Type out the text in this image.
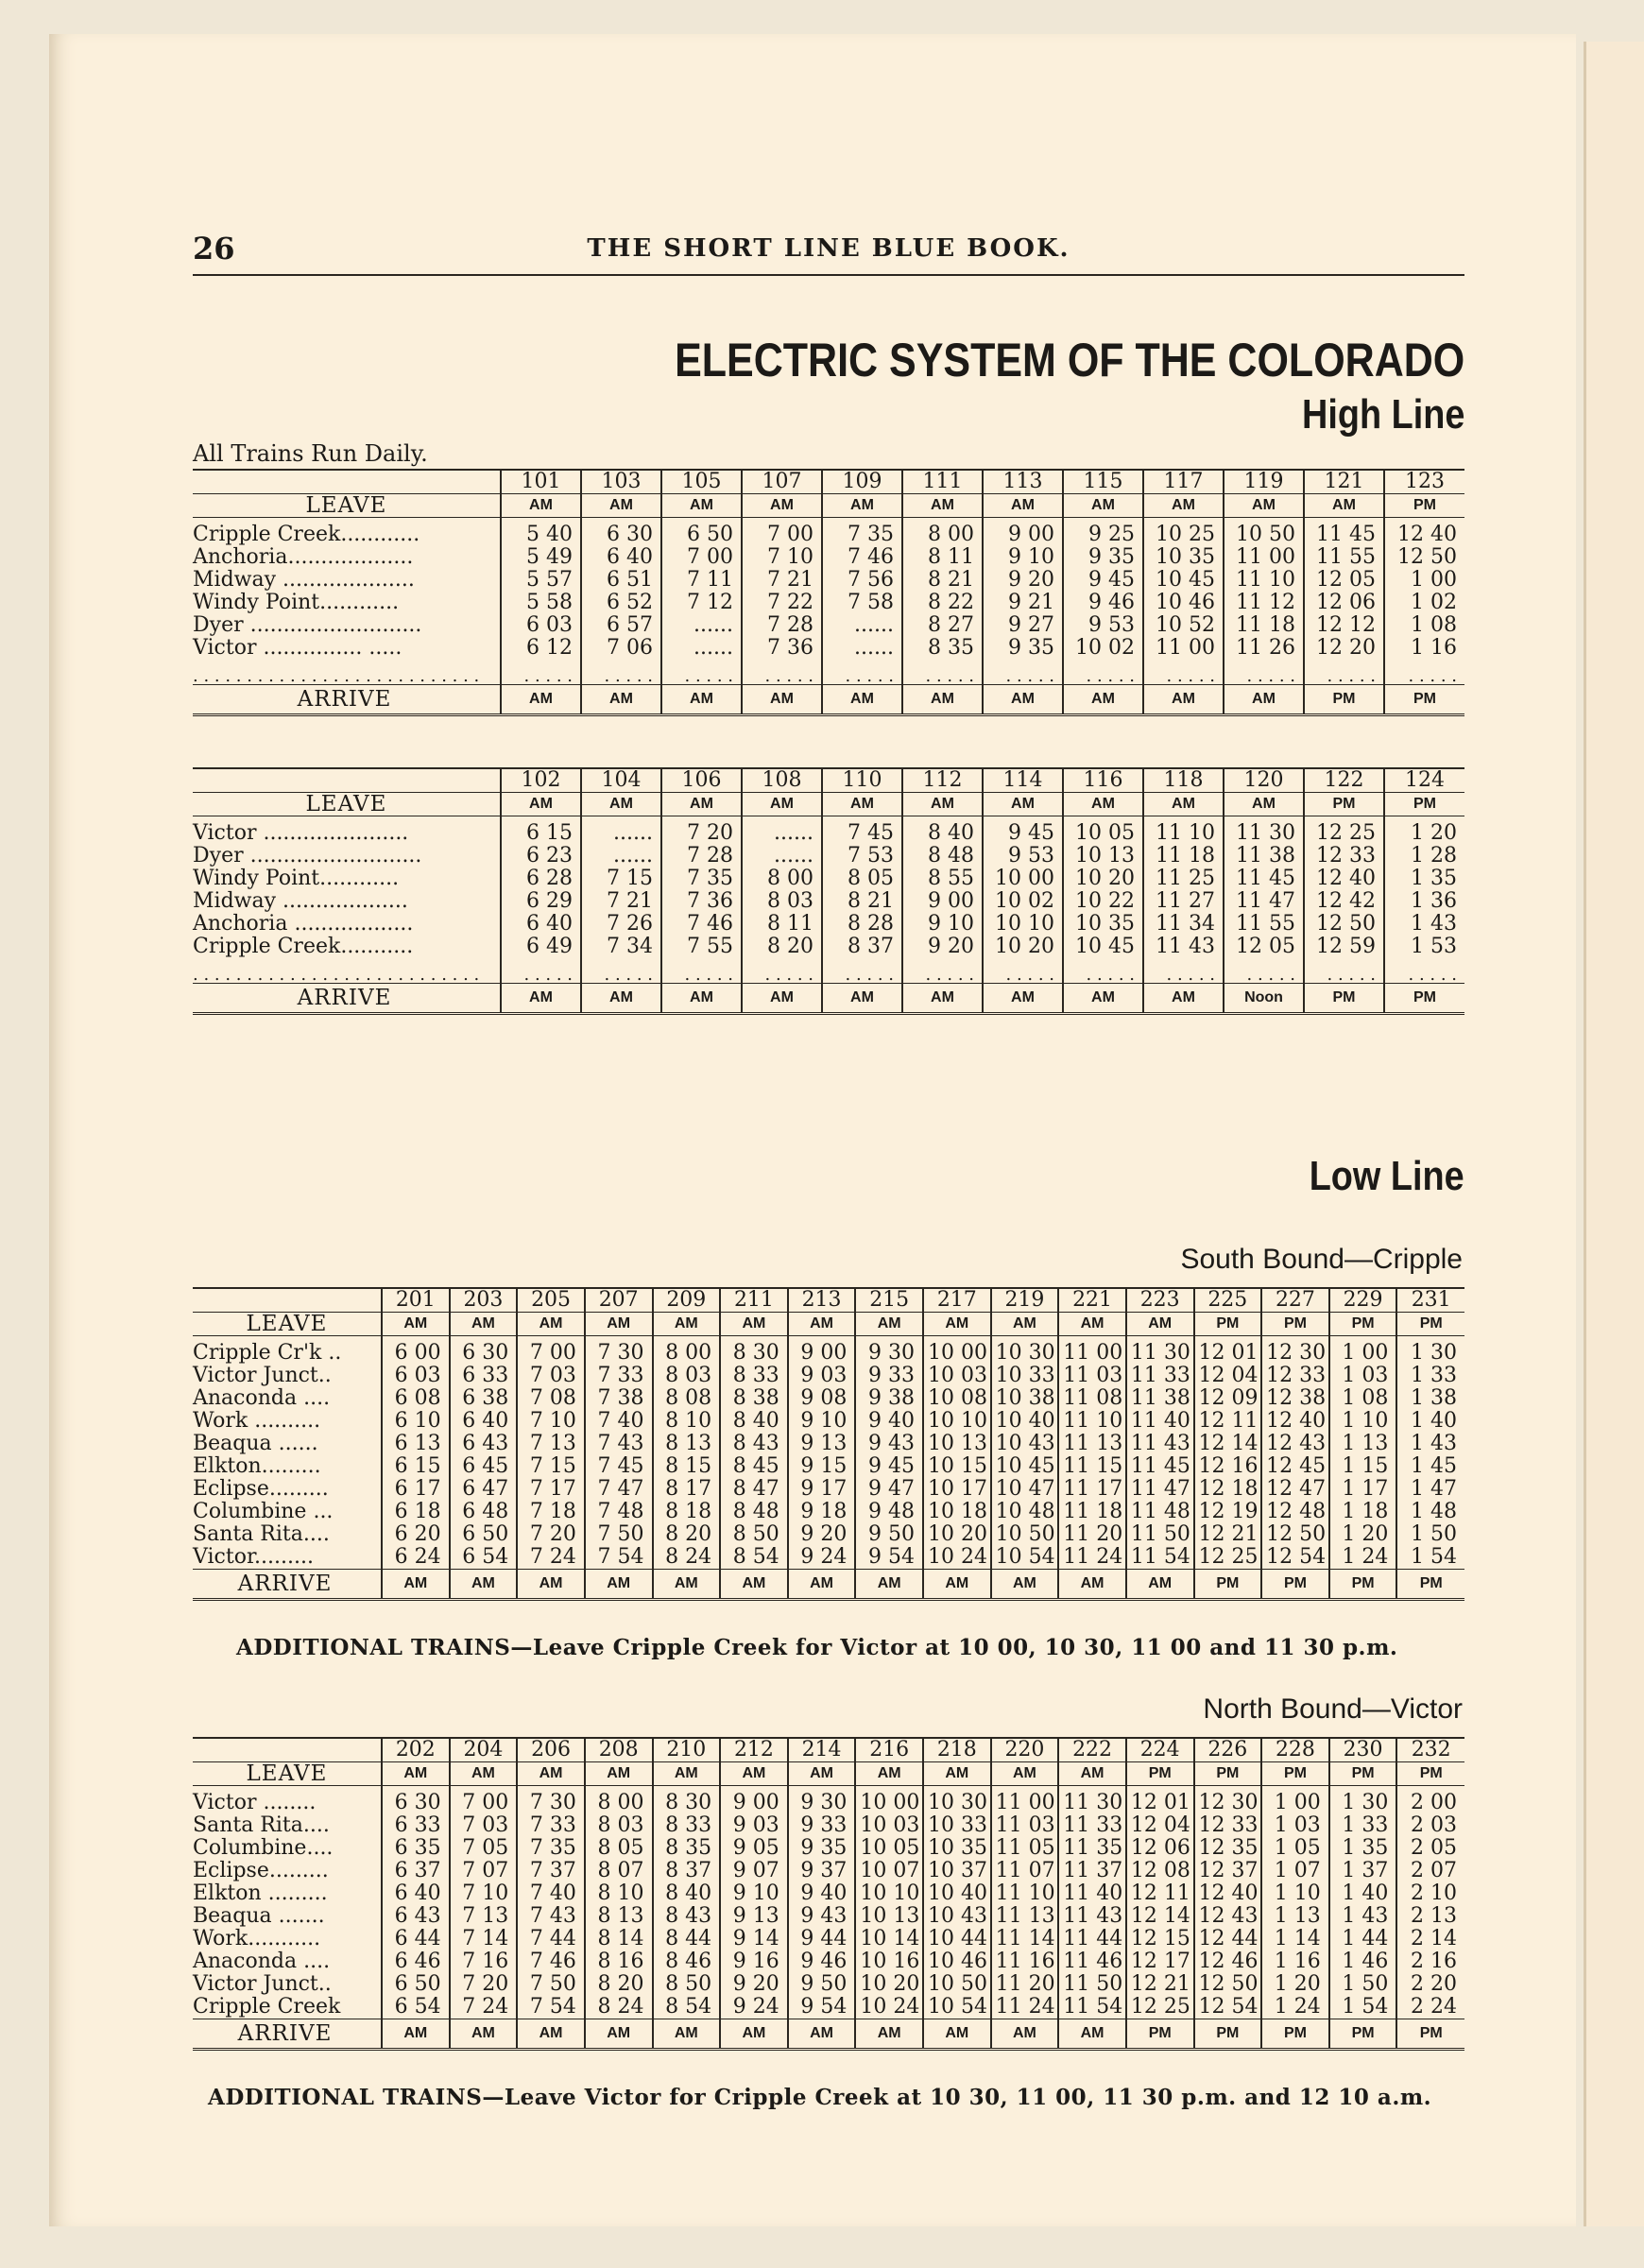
26	THE SHORT LINE BLUE BOOK.
ELECTRIC SYSTEM OF THE COLORADO
High Line
All Trains Run Daily.
	101	103	105	107	109	111	113	115	117	119	121	123
LEAVE	AM	AM	AM	AM	AM	AM	AM	AM	AM	AM	AM	PM
Cripple Creek............	5 40	6 30	6 50	7 00	7 35	8 00	9 00	9 25	10 25	10 50	11 45	12 40
Anchoria...................	5 49	6 40	7 00	7 10	7 46	8 11	9 10	9 35	10 35	11 00	11 55	12 50
Midway ....................	5 57	6 51	7 11	7 21	7 56	8 21	9 20	9 45	10 45	11 10	12 05	1 00
Windy Point............	5 58	6 52	7 12	7 22	7 58	8 22	9 21	9 46	10 46	11 12	12 06	1 02
Dyer ..........................	6 03	6 57	......	7 28	......	8 27	9 27	9 53	10 52	11 18	12 12	1 08
Victor ............... .....	6 12	7 06	......	7 36	......	8 35	9 35	10 02	11 00	11 26	12 20	1 16
. . . . . . . . . . . . . . . . . . . . . . . . . . .	. . . . .	. . . . .	. . . . .	. . . . .	. . . . .	. . . . .	. . . . .	. . . . .	. . . . .	. . . . .	. . . . .	. . . . .
ARRIVE	AM	AM	AM	AM	AM	AM	AM	AM	AM	AM	PM	PM
	102	104	106	108	110	112	114	116	118	120	122	124
LEAVE	AM	AM	AM	AM	AM	AM	AM	AM	AM	AM	PM	PM
Victor ......................	6 15	......	7 20	......	7 45	8 40	9 45	10 05	11 10	11 30	12 25	1 20
Dyer ..........................	6 23	......	7 28	......	7 53	8 48	9 53	10 13	11 18	11 38	12 33	1 28
Windy Point............	6 28	7 15	7 35	8 00	8 05	8 55	10 00	10 20	11 25	11 45	12 40	1 35
Midway ...................	6 29	7 21	7 36	8 03	8 21	9 00	10 02	10 22	11 27	11 47	12 42	1 36
Anchoria ..................	6 40	7 26	7 46	8 11	8 28	9 10	10 10	10 35	11 34	11 55	12 50	1 43
Cripple Creek...........	6 49	7 34	7 55	8 20	8 37	9 20	10 20	10 45	11 43	12 05	12 59	1 53
. . . . . . . . . . . . . . . . . . . . . . . . . . .	. . . . .	. . . . .	. . . . .	. . . . .	. . . . .	. . . . .	. . . . .	. . . . .	. . . . .	. . . . .	. . . . .	. . . . .
ARRIVE	AM	AM	AM	AM	AM	AM	AM	AM	AM	Noon	PM	PM
Low Line
South Bound—Cripple
	201	203	205	207	209	211	213	215	217	219	221	223	225	227	229	231
LEAVE	AM	AM	AM	AM	AM	AM	AM	AM	AM	AM	AM	AM	PM	PM	PM	PM
Cripple Cr'k ..	6 00	6 30	7 00	7 30	8 00	8 30	9 00	9 30	10 00	10 30	11 00	11 30	12 01	12 30	1 00	1 30
Victor Junct..	6 03	6 33	7 03	7 33	8 03	8 33	9 03	9 33	10 03	10 33	11 03	11 33	12 04	12 33	1 03	1 33
Anaconda ....	6 08	6 38	7 08	7 38	8 08	8 38	9 08	9 38	10 08	10 38	11 08	11 38	12 09	12 38	1 08	1 38
Work ..........	6 10	6 40	7 10	7 40	8 10	8 40	9 10	9 40	10 10	10 40	11 10	11 40	12 11	12 40	1 10	1 40
Beaqua ......	6 13	6 43	7 13	7 43	8 13	8 43	9 13	9 43	10 13	10 43	11 13	11 43	12 14	12 43	1 13	1 43
Elkton.........	6 15	6 45	7 15	7 45	8 15	8 45	9 15	9 45	10 15	10 45	11 15	11 45	12 16	12 45	1 15	1 45
Eclipse.........	6 17	6 47	7 17	7 47	8 17	8 47	9 17	9 47	10 17	10 47	11 17	11 47	12 18	12 47	1 17	1 47
Columbine ...	6 18	6 48	7 18	7 48	8 18	8 48	9 18	9 48	10 18	10 48	11 18	11 48	12 19	12 48	1 18	1 48
Santa Rita....	6 20	6 50	7 20	7 50	8 20	8 50	9 20	9 50	10 20	10 50	11 20	11 50	12 21	12 50	1 20	1 50
Victor.........	6 24	6 54	7 24	7 54	8 24	8 54	9 24	9 54	10 24	10 54	11 24	11 54	12 25	12 54	1 24	1 54
ARRIVE	AM	AM	AM	AM	AM	AM	AM	AM	AM	AM	AM	AM	PM	PM	PM	PM
ADDITIONAL TRAINS—Leave Cripple Creek for Victor at 10 00, 10 30, 11 00 and 11 30 p.m.
North Bound—Victor
	202	204	206	208	210	212	214	216	218	220	222	224	226	228	230	232
LEAVE	AM	AM	AM	AM	AM	AM	AM	AM	AM	AM	AM	PM	PM	PM	PM	PM
Victor ........	6 30	7 00	7 30	8 00	8 30	9 00	9 30	10 00	10 30	11 00	11 30	12 01	12 30	1 00	1 30	2 00
Santa Rita....	6 33	7 03	7 33	8 03	8 33	9 03	9 33	10 03	10 33	11 03	11 33	12 04	12 33	1 03	1 33	2 03
Columbine....	6 35	7 05	7 35	8 05	8 35	9 05	9 35	10 05	10 35	11 05	11 35	12 06	12 35	1 05	1 35	2 05
Eclipse.........	6 37	7 07	7 37	8 07	8 37	9 07	9 37	10 07	10 37	11 07	11 37	12 08	12 37	1 07	1 37	2 07
Elkton .........	6 40	7 10	7 40	8 10	8 40	9 10	9 40	10 10	10 40	11 10	11 40	12 11	12 40	1 10	1 40	2 10
Beaqua .......	6 43	7 13	7 43	8 13	8 43	9 13	9 43	10 13	10 43	11 13	11 43	12 14	12 43	1 13	1 43	2 13
Work...........	6 44	7 14	7 44	8 14	8 44	9 14	9 44	10 14	10 44	11 14	11 44	12 15	12 44	1 14	1 44	2 14
Anaconda ....	6 46	7 16	7 46	8 16	8 46	9 16	9 46	10 16	10 46	11 16	11 46	12 17	12 46	1 16	1 46	2 16
Victor Junct..	6 50	7 20	7 50	8 20	8 50	9 20	9 50	10 20	10 50	11 20	11 50	12 21	12 50	1 20	1 50	2 20
Cripple Creek	6 54	7 24	7 54	8 24	8 54	9 24	9 54	10 24	10 54	11 24	11 54	12 25	12 54	1 24	1 54	2 24
ARRIVE	AM	AM	AM	AM	AM	AM	AM	AM	AM	AM	AM	PM	PM	PM	PM	PM
ADDITIONAL TRAINS—Leave Victor for Cripple Creek at 10 30, 11 00, 11 30 p.m. and 12 10 a.m.
